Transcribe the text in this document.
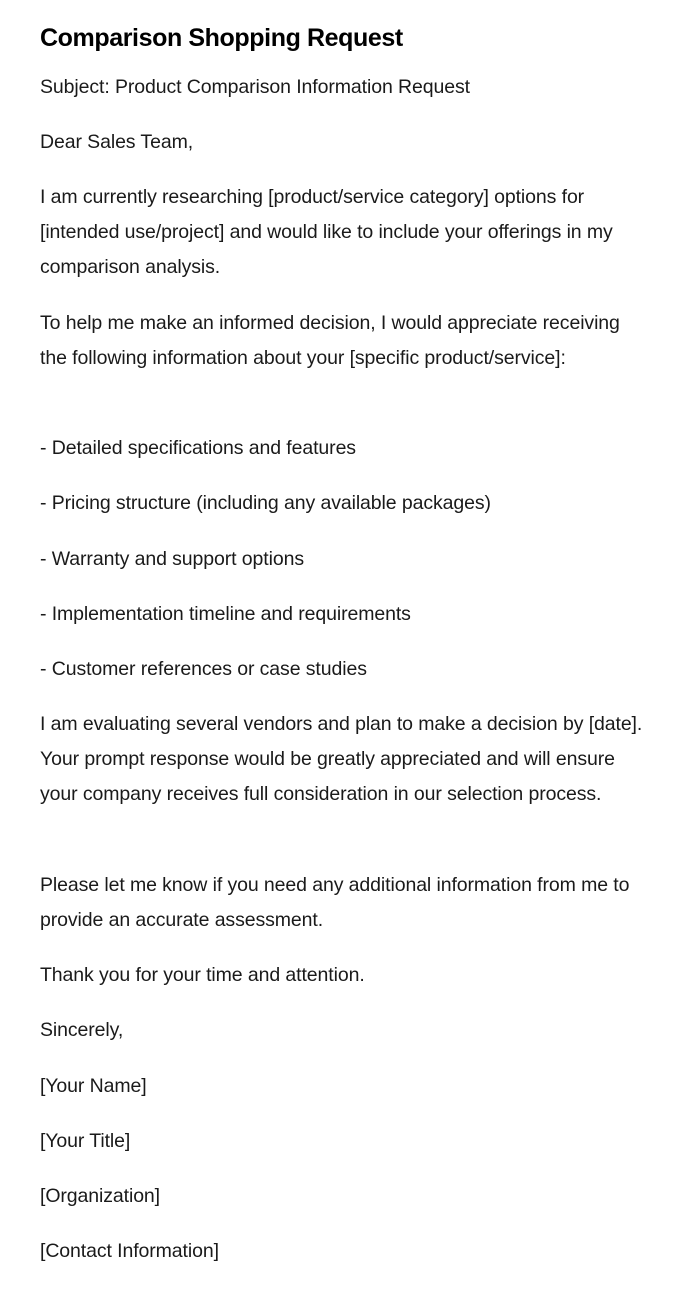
Comparison Shopping Request

Subject: Product Comparison Information Request

Dear Sales Team,

I am currently researching [product/service category] options for [intended use/project] and would like to include your offerings in my comparison analysis.

To help me make an informed decision, I would appreciate receiving the following information about your [specific product/service]:

- Detailed specifications and features

- Pricing structure (including any available packages)

- Warranty and support options

- Implementation timeline and requirements

- Customer references or case studies

I am evaluating several vendors and plan to make a decision by [date]. Your prompt response would be greatly appreciated and will ensure your company receives full consideration in our selection process.

Please let me know if you need any additional information from me to provide an accurate assessment.

Thank you for your time and attention.

Sincerely,

[Your Name]

[Your Title]

[Organization]

[Contact Information]
